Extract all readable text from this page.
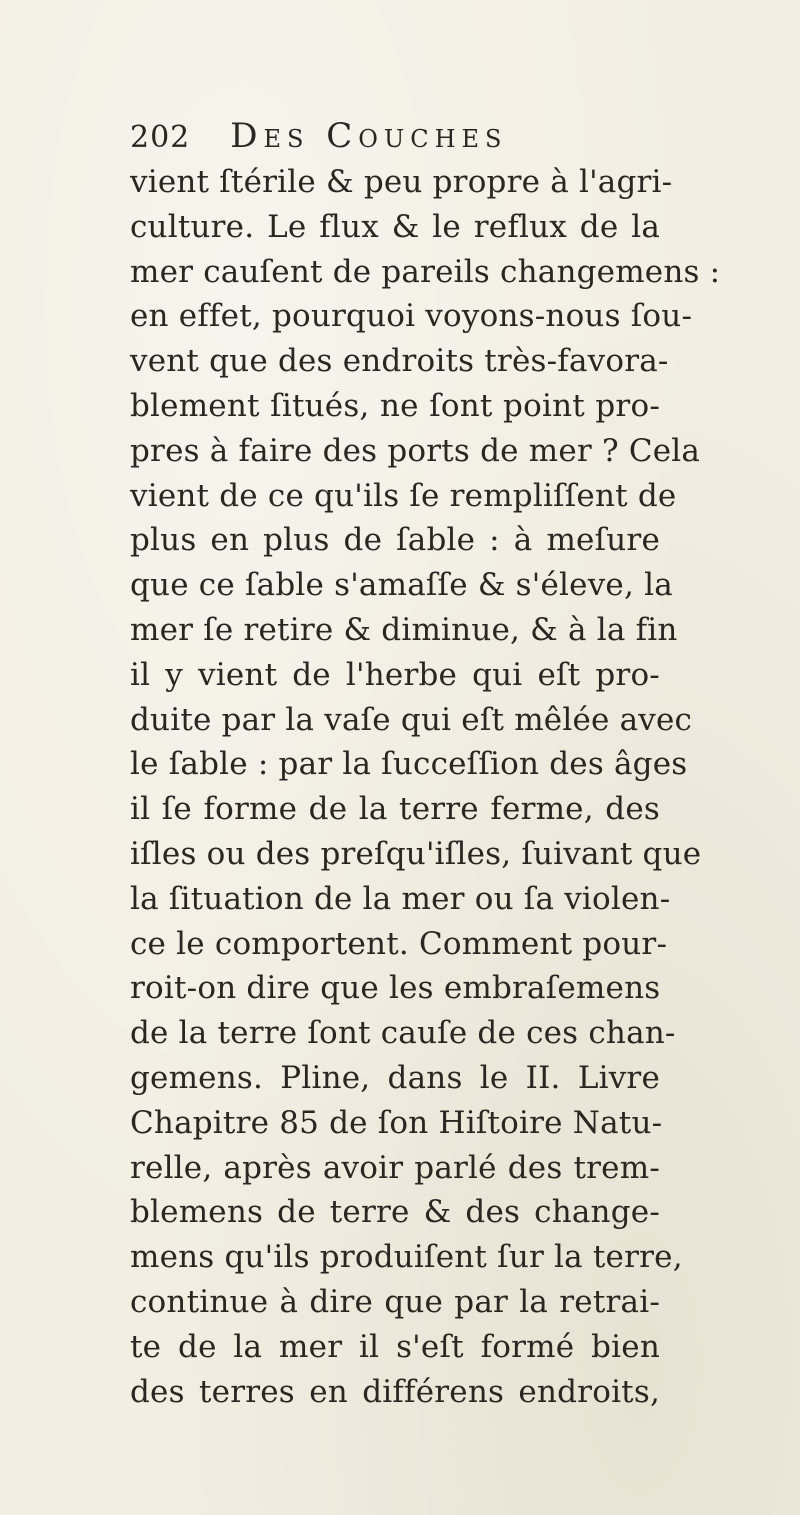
202 Des Couches
vient ſtérile & peu propre à l'agri-
culture. Le flux & le reflux de la
mer cauſent de pareils changemens :
en effet, pourquoi voyons-nous ſou-
vent que des endroits très-favora-
blement ſitués, ne ſont point pro-
pres à faire des ports de mer ? Cela
vient de ce qu'ils ſe rempliſſent de
plus en plus de ſable : à meſure
que ce ſable s'amaſſe & s'éleve, la
mer ſe retire & diminue, & à la fin
il y vient de l'herbe qui eſt pro-
duite par la vaſe qui eſt mêlée avec
le ſable : par la ſucceſſion des âges
il ſe forme de la terre ferme, des
iſles ou des preſqu'iſles, ſuivant que
la ſituation de la mer ou ſa violen-
ce le comportent. Comment pour-
roit-on dire que les embraſemens
de la terre ſont cauſe de ces chan-
gemens. Pline, dans le II. Livre
Chapitre 85 de ſon Hiſtoire Natu-
relle, après avoir parlé des trem-
blemens de terre & des change-
mens qu'ils produiſent ſur la terre,
continue à dire que par la retrai-
te de la mer il s'eſt formé bien
des terres en différens endroits,
